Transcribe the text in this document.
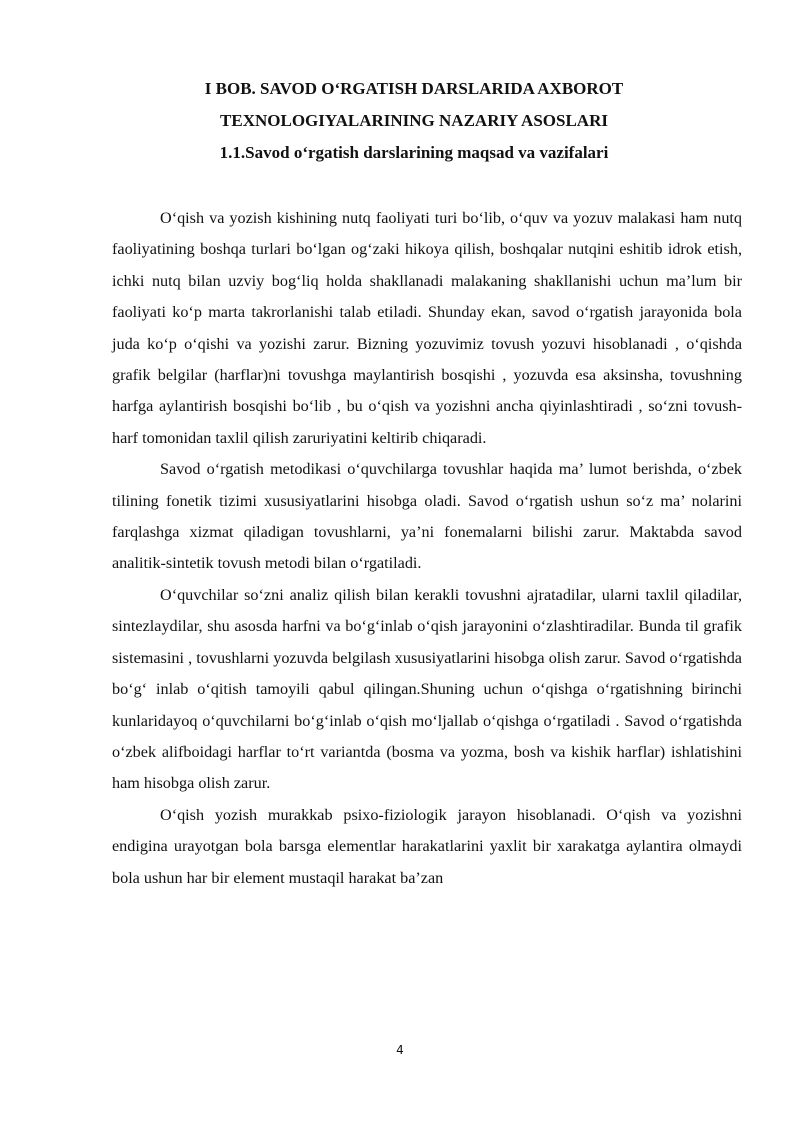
I BOB. SAVOD O‘RGATISH DARSLARIDA AXBOROT
TEXNOLOGIYALARINING NAZARIY ASOSLARI
1.1.Savod o‘rgatish darslarining maqsad va vazifalari

O‘qish va yozish kishining nutq faoliyati turi bo‘lib, o‘quv va yozuv malakasi ham nutq faoliyatining boshqa turlari bo‘lgan og‘zaki hikoya qilish, boshqalar nutqini eshitib idrok etish, ichki nutq bilan uzviy bog‘liq holda shakllanadi malakaning shakllanishi uchun ma’lum bir faoliyati ko‘p marta takrorlanishi talab etiladi. Shunday ekan, savod o‘rgatish jarayonida bola juda ko‘p o‘qishi va yozishi zarur. Bizning yozuvimiz tovush yozuvi hisoblanadi , o‘qishda grafik belgilar (harflar)ni tovushga maylantirish bosqishi , yozuvda esa aksinsha, tovushning harfga aylantirish bosqishi bo‘lib , bu o‘qish va yozishni ancha qiyinlashtiradi , so‘zni tovush-harf tomonidan taxlil qilish zaruriyatini keltirib chiqaradi.

Savod o‘rgatish metodikasi o‘quvchilarga tovushlar haqida ma’ lumot berishda, o‘zbek tilining fonetik tizimi xususiyatlarini hisobga oladi. Savod o‘rgatish ushun so‘z ma’ nolarini farqlashga xizmat qiladigan tovushlarni, ya’ni fonemalarni bilishi zarur. Maktabda savod analitik-sintetik tovush metodi bilan o‘rgatiladi.

O‘quvchilar so‘zni analiz qilish bilan kerakli tovushni ajratadilar, ularni taxlil qiladilar, sintezlaydilar, shu asosda harfni va bo‘g‘inlab o‘qish jarayonini o‘zlashtiradilar. Bunda til grafik sistemasini , tovushlarni yozuvda belgilash xususiyatlarini hisobga olish zarur. Savod o‘rgatishda bo‘g‘ inlab o‘qitish tamoyili qabul qilingan.Shuning uchun o‘qishga o‘rgatishning birinchi kunlaridayoq o‘quvchilarni bo‘g‘inlab o‘qish mo‘ljallab o‘qishga o‘rgatiladi . Savod o‘rgatishda o‘zbek alifboidagi harflar to‘rt variantda (bosma va yozma, bosh va kishik harflar) ishlatishini ham hisobga olish zarur.

O‘qish yozish murakkab psixo-fiziologik jarayon hisoblanadi. O‘qish va yozishni endigina urayotgan bola barsga elementlar harakatlarini yaxlit bir xarakatga aylantira olmaydi bola ushun har bir element mustaqil harakat ba’zan

4
